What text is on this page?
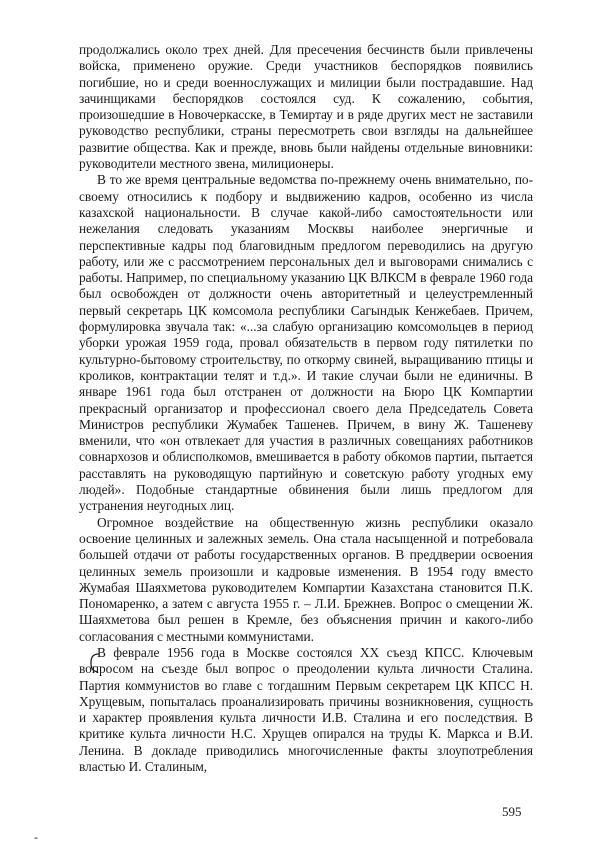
продолжались около трех дней. Для пресечения бесчинств были привлечены войска, применено оружие. Среди участников беспорядков появились погибшие, но и среди военнослужащих и милиции были пострадавшие. Над зачинщиками беспорядков состоялся суд. К сожалению, события, произошедшие в Новочеркасске, в Темиртау и в ряде других мест не заставили руководство республики, страны пересмотреть свои взгляды на дальнейшее развитие общества. Как и прежде, вновь были найдены отдельные виновники: руководители местного звена, милиционеры.

В то же время центральные ведомства по-прежнему очень внимательно, по-своему относились к подбору и выдвижению кадров, особенно из числа казахской национальности. В случае какой-либо самостоятельности или нежелания следовать указаниям Москвы наиболее энергичные и перспективные кадры под благовидным предлогом переводились на другую работу, или же с рассмотрением персональных дел и выговорами снимались с работы. Например, по специальному указанию ЦК ВЛКСМ в феврале 1960 года был освобожден от должности очень авторитетный и целеустремленный первый секретарь ЦК комсомола республики Сагындык Кенжебаев. Причем, формулировка звучала так: «...за слабую организацию комсомольцев в период уборки урожая 1959 года, провал обязательств в первом году пятилетки по культурно-бытовому строительству, по откорму свиней, выращиванию птицы и кроликов, контрактации телят и т.д.». И такие случаи были не единичны. В январе 1961 года был отстранен от должности на Бюро ЦК Компартии прекрасный организатор и профессионал своего дела Председатель Совета Министров республики Жумабек Ташенев. Причем, в вину Ж. Ташеневу вменили, что «он отвлекает для участия в различных совещаниях работников совнархозов и облисполкомов, вмешивается в работу обкомов партии, пытается расставлять на руководящую партийную и советскую работу угодных ему людей». Подобные стандартные обвинения были лишь предлогом для устранения неугодных лиц.

Огромное воздействие на общественную жизнь республики оказало освоение целинных и залежных земель. Она стала насыщенной и потребовала большей отдачи от работы государственных органов. В преддверии освоения целинных земель произошли и кадровые изменения. В 1954 году вместо Жумабая Шаяхметова руководителем Компартии Казахстана становится П.К. Пономаренко, а затем с августа 1955 г. – Л.И. Брежнев. Вопрос о смещении Ж. Шаяхметова был решен в Кремле, без объяснения причин и какого-либо согласования с местными коммунистами.

В феврале 1956 года в Москве состоялся XX съезд КПСС. Ключевым вопросом на съезде был вопрос о преодолении культа личности Сталина. Партия коммунистов во главе с тогдашним Первым секретарем ЦК КПСС Н. Хрущевым, попыталась проанализировать причины возникновения, сущность и характер проявления культа личности И.В. Сталина и его последствия. В критике культа личности Н.С. Хрущев опирался на труды К. Маркса и В.И. Ленина. В докладе приводились многочисленные факты злоупотребления властью И. Сталиным,

595
‐
